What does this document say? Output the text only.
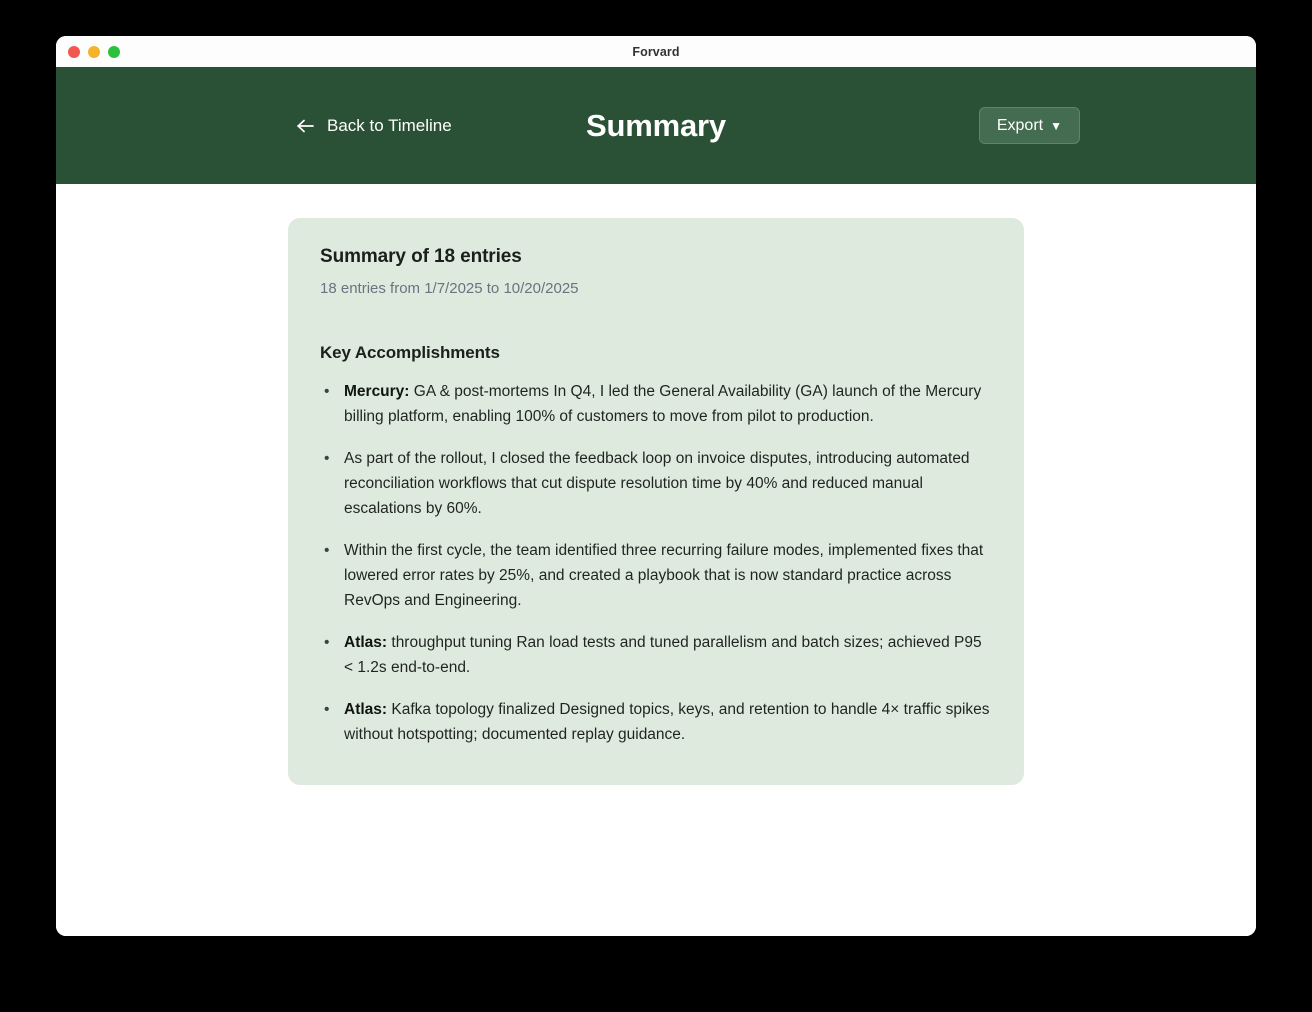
Forvard
Back to Timeline	Summary	Export ▼
Summary of 18 entries
18 entries from 1/7/2025 to 10/20/2025
Key Accomplishments
• Mercury: GA & post-mortems In Q4, I led the General Availability (GA) launch of the Mercury billing platform, enabling 100% of customers to move from pilot to production.
• As part of the rollout, I closed the feedback loop on invoice disputes, introducing automated reconciliation workflows that cut dispute resolution time by 40% and reduced manual escalations by 60%.
• Within the first cycle, the team identified three recurring failure modes, implemented fixes that lowered error rates by 25%, and created a playbook that is now standard practice across RevOps and Engineering.
• Atlas: throughput tuning Ran load tests and tuned parallelism and batch sizes; achieved P95 < 1.2s end-to-end.
• Atlas: Kafka topology finalized Designed topics, keys, and retention to handle 4× traffic spikes without hotspotting; documented replay guidance.
